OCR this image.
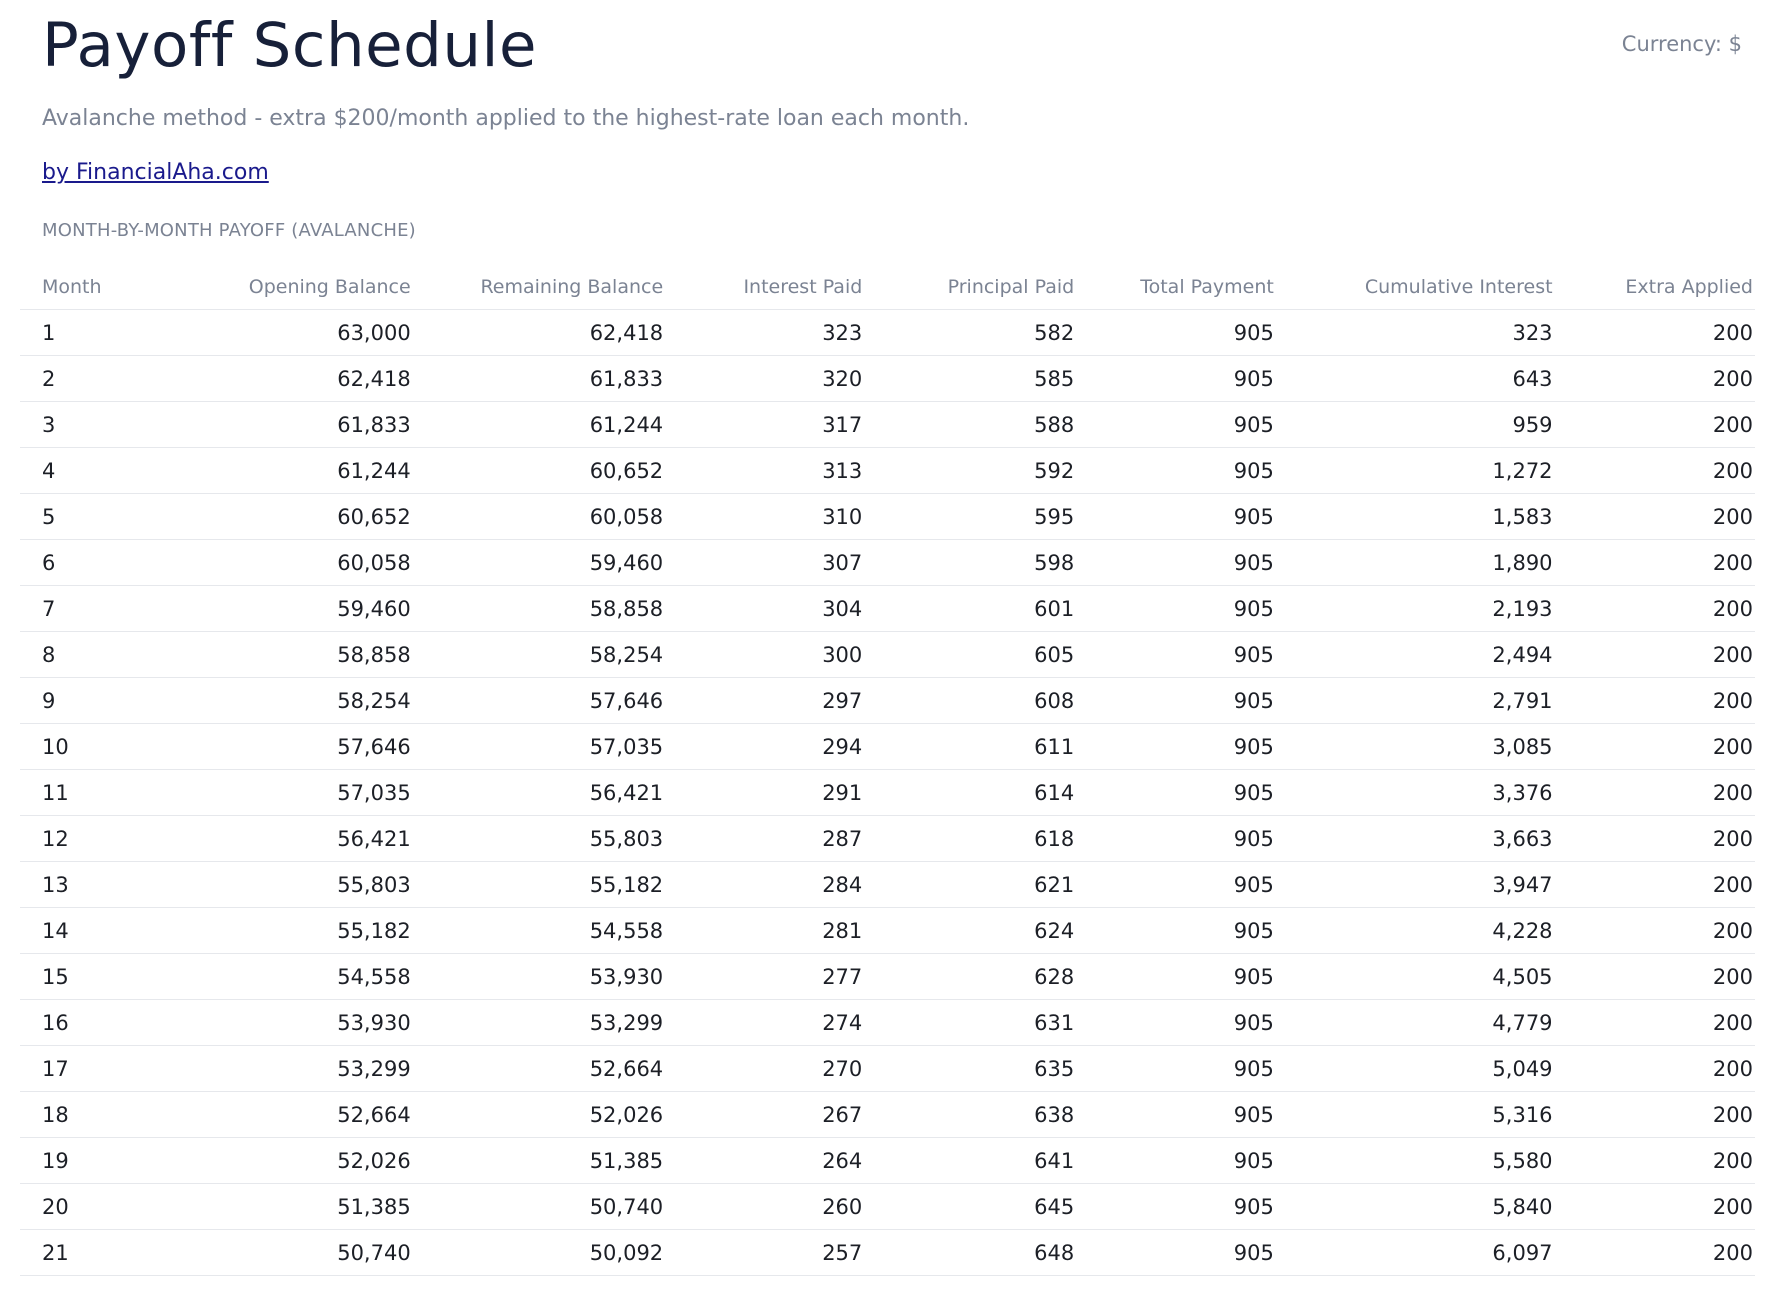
Payoff Schedule	Currency: $

Avalanche method - extra $200/month applied to the highest-rate loan each month.

by FinancialAha.com
MONTH-BY-MONTH PAYOFF (AVALANCHE)
Month	Opening Balance	Remaining Balance	Interest Paid	Principal Paid	Total Payment	Cumulative Interest	Extra Applied
1	63,000	62,418	323	582	905	323	200
2	62,418	61,833	320	585	905	643	200
3	61,833	61,244	317	588	905	959	200
4	61,244	60,652	313	592	905	1,272	200
5	60,652	60,058	310	595	905	1,583	200
6	60,058	59,460	307	598	905	1,890	200
7	59,460	58,858	304	601	905	2,193	200
8	58,858	58,254	300	605	905	2,494	200
9	58,254	57,646	297	608	905	2,791	200
10	57,646	57,035	294	611	905	3,085	200
11	57,035	56,421	291	614	905	3,376	200
12	56,421	55,803	287	618	905	3,663	200
13	55,803	55,182	284	621	905	3,947	200
14	55,182	54,558	281	624	905	4,228	200
15	54,558	53,930	277	628	905	4,505	200
16	53,930	53,299	274	631	905	4,779	200
17	53,299	52,664	270	635	905	5,049	200
18	52,664	52,026	267	638	905	5,316	200
19	52,026	51,385	264	641	905	5,580	200
20	51,385	50,740	260	645	905	5,840	200
21	50,740	50,092	257	648	905	6,097	200
